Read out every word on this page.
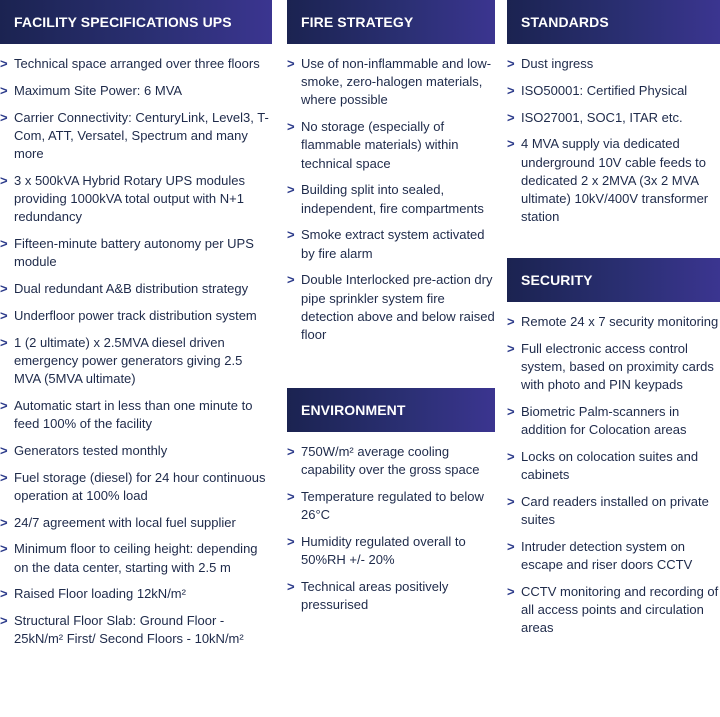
FACILITY SPECIFICATIONS UPS
> Technical space arranged over three floors
> Maximum Site Power: 6 MVA
> Carrier Connectivity: CenturyLink, Level3, T-Com, ATT, Versatel, Spectrum and many more
> 3 x 500kVA Hybrid Rotary UPS modules providing 1000kVA total output with N+1 redundancy
> Fifteen-minute battery autonomy per UPS module
> Dual redundant A&B distribution strategy
> Underfloor power track distribution system
> 1 (2 ultimate) x 2.5MVA diesel driven emergency power generators giving 2.5 MVA (5MVA ultimate)
> Automatic start in less than one minute to feed 100% of the facility
> Generators tested monthly
> Fuel storage (diesel) for 24 hour continuous operation at 100% load
> 24/7 agreement with local fuel supplier
> Minimum floor to ceiling height: depending on the data center, starting with 2.5 m
> Raised Floor loading 12kN/m²
> Structural Floor Slab: Ground Floor - 25kN/m² First/ Second Floors - 10kN/m²
FIRE STRATEGY
> Use of non-inflammable and low-smoke, zero-halogen materials, where possible
> No storage (especially of flammable materials) within technical space
> Building split into sealed, independent, fire compartments
> Smoke extract system activated by fire alarm
> Double Interlocked pre-action dry pipe sprinkler system fire detection above and below raised floor
ENVIRONMENT
> 750W/m² average cooling capability over the gross space
> Temperature regulated to below 26°C
> Humidity regulated overall to 50%RH +/- 20%
> Technical areas positively pressurised
STANDARDS
> Dust ingress
> ISO50001: Certified Physical
> ISO27001, SOC1, ITAR etc.
> 4 MVA supply via dedicated underground 10V cable feeds to dedicated 2 x 2MVA (3x 2 MVA ultimate) 10kV/400V transformer station
SECURITY
> Remote 24 x 7 security monitoring
> Full electronic access control system, based on proximity cards with photo and PIN keypads
> Biometric Palm-scanners in addition for Colocation areas
> Locks on colocation suites and cabinets
> Card readers installed on private suites
> Intruder detection system on escape and riser doors CCTV
> CCTV monitoring and recording of all access points and circulation areas
